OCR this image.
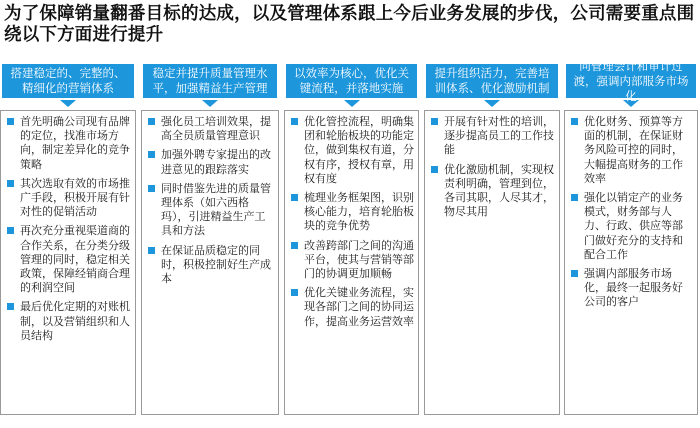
为了保障销量翻番目标的达成，以及管理体系跟上今后业务发展的步伐，公司需要重点围绕以下方面进行提升
搭建稳定的、完整的、精细化的营销体系
首先明确公司现有品牌的定位，找准市场方向，制定差异化的竞争策略
其次选取有效的市场推广手段，积极开展有针对性的促销活动
再次充分重视渠道商的合作关系，在分类分级管理的同时，稳定相关政策，保障经销商合理的利润空间
最后优化定期的对账机制，以及营销组织和人员结构
稳定并提升质量管理水平，加强精益生产管理
强化员工培训效果，提高全员质量管理意识
加强外聘专家提出的改进意见的跟踪落实
同时借鉴先进的质量管理体系（如六西格玛），引进精益生产工具和方法
在保证品质稳定的同时，积极控制好生产成本
以效率为核心，优化关键流程，并落地实施
优化管控流程，明确集团和轮胎板块的功能定位，做到集权有道，分权有序，授权有章，用权有度
梳理业务框架图，识别核心能力，培育轮胎板块的竞争优势
改善跨部门之间的沟通平台，使其与营销等部门的协调更加顺畅
优化关键业务流程，实现各部门之间的协同运作，提高业务运营效率
提升组织活力，完善培训体系、优化激励机制
开展有针对性的培训，逐步提高员工的工作技能
优化激励机制，实现权责利明确，管理到位，各司其职，人尽其才，物尽其用
向管理会计和审计过渡，强调内部服务市场化
优化财务、预算等方面的机制，在保证财务风险可控的同时，大幅提高财务的工作效率
强化以销定产的业务模式，财务部与人力、行政、供应等部门做好充分的支持和配合工作
强调内部服务市场化，最终一起服务好公司的客户
